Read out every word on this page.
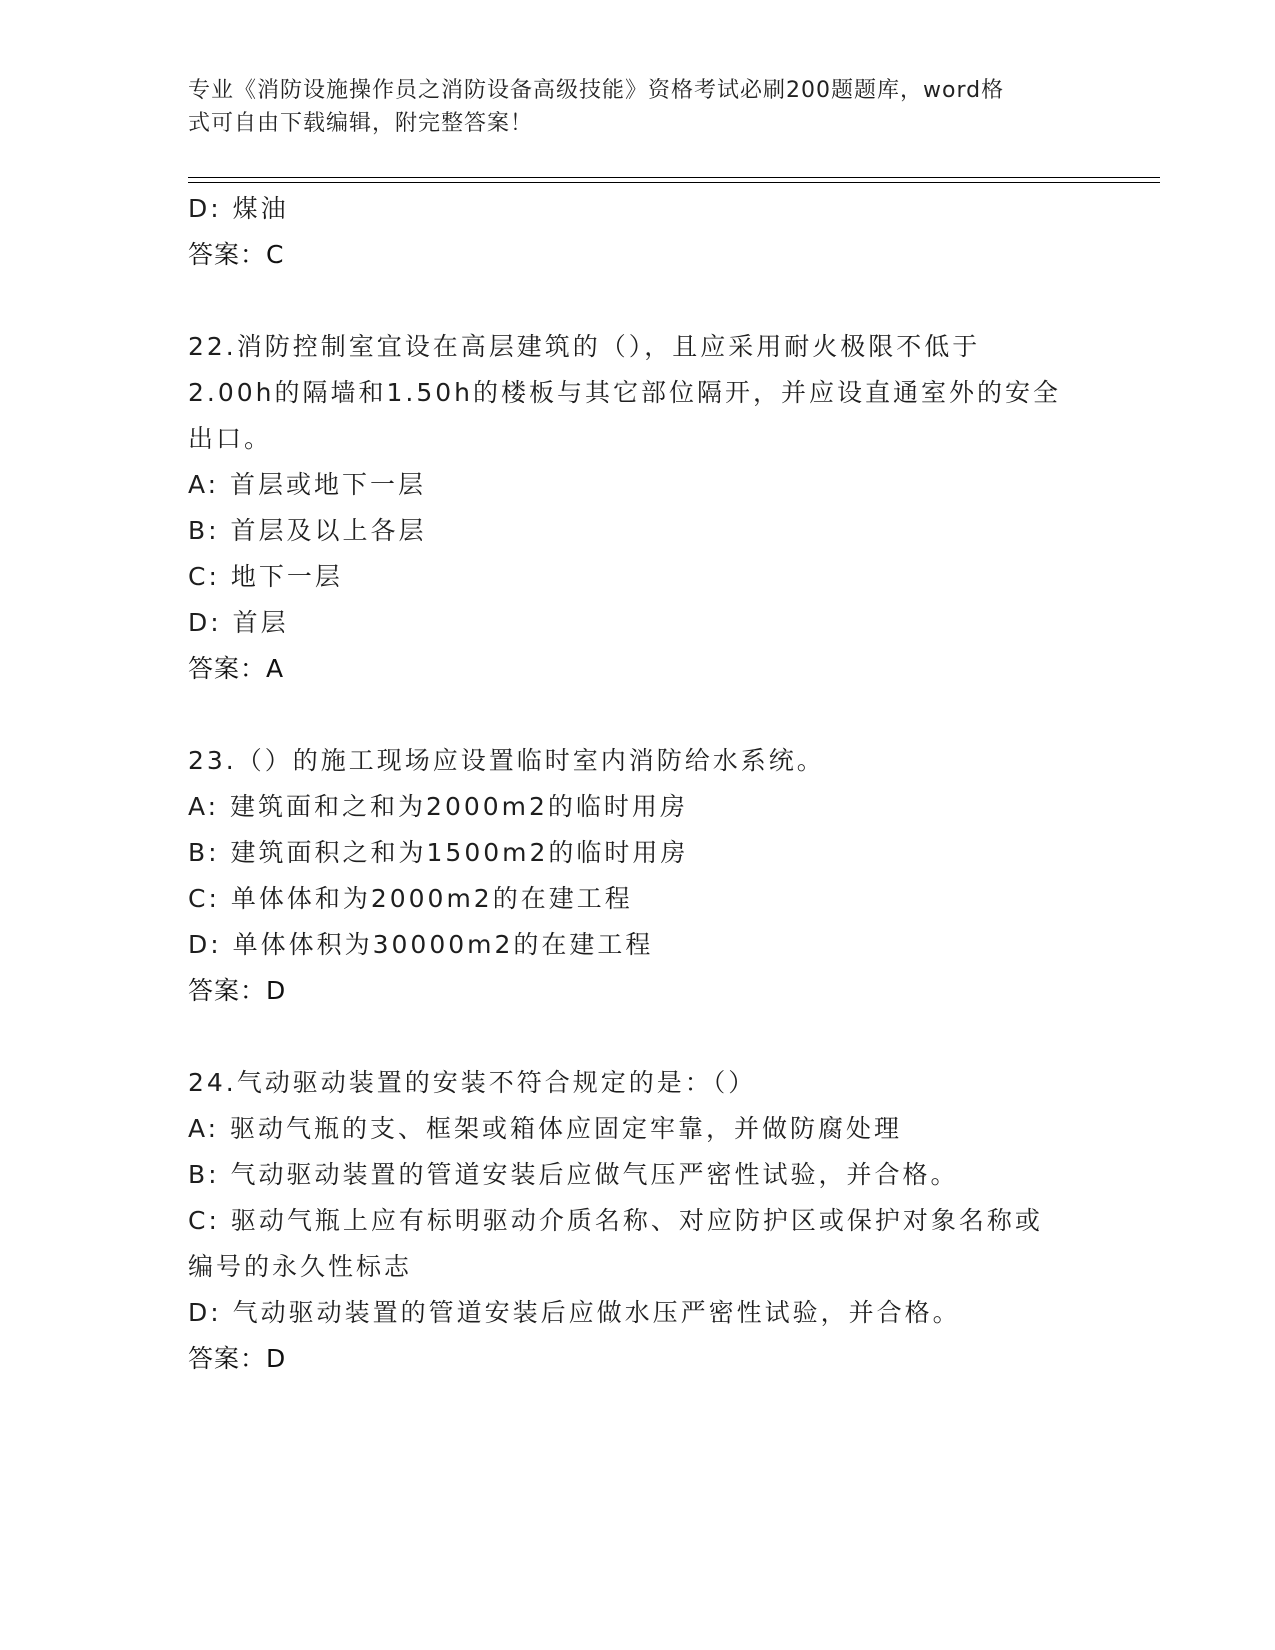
专业《消防设施操作员之消防设备高级技能》资格考试必刷200题题库，word格
式可自由下载编辑，附完整答案！
D: 煤油
答案：C
22.消防控制室宜设在高层建筑的（），且应采用耐火极限不低于
2.00h的隔墙和1.50h的楼板与其它部位隔开，并应设直通室外的安全
出口。
A: 首层或地下一层
B: 首层及以上各层
C: 地下一层
D: 首层
答案：A
23.（）的施工现场应设置临时室内消防给水系统。
A: 建筑面和之和为2000m2的临时用房
B: 建筑面积之和为1500m2的临时用房
C: 单体体和为2000m2的在建工程
D: 单体体积为30000m2的在建工程
答案：D
24.气动驱动装置的安装不符合规定的是：（）
A: 驱动气瓶的支、框架或箱体应固定牢靠，并做防腐处理
B: 气动驱动装置的管道安装后应做气压严密性试验，并合格。
C: 驱动气瓶上应有标明驱动介质名称、对应防护区或保护对象名称或
编号的永久性标志
D: 气动驱动装置的管道安装后应做水压严密性试验，并合格。
答案：D
